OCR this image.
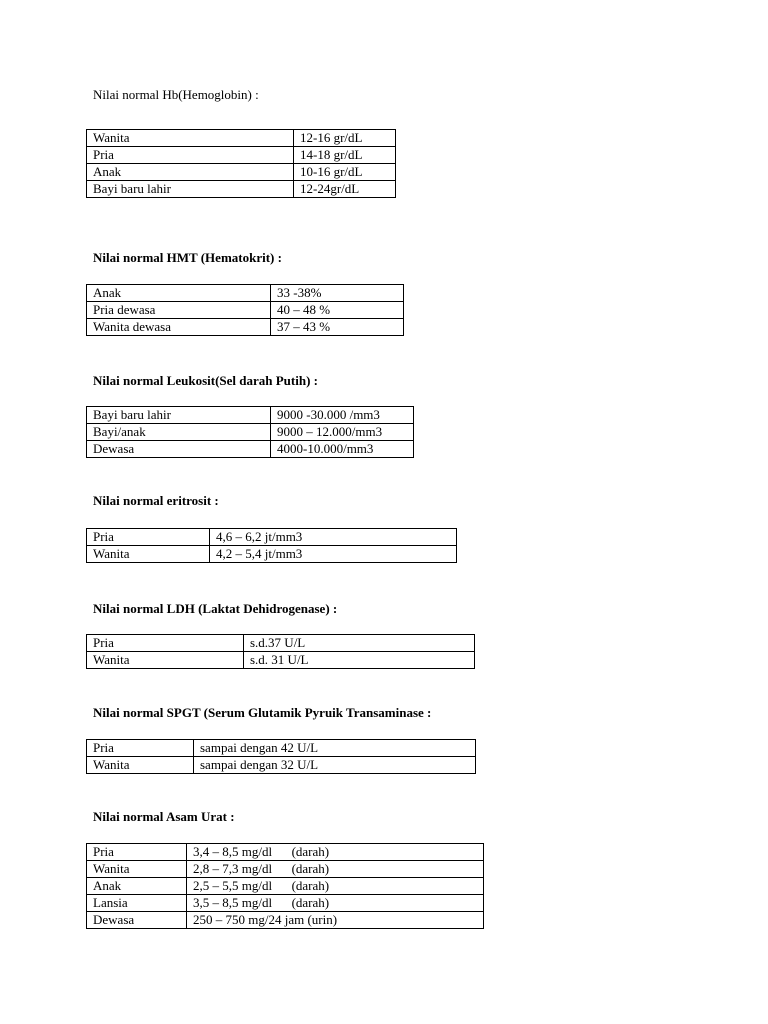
Nilai normal Hb(Hemoglobin) :

Wanita	12-16 gr/dL
Pria	14-18 gr/dL
Anak	10-16 gr/dL
Bayi baru lahir	12-24gr/dL

Nilai normal HMT (Hematokrit) :

Anak	33 -38%
Pria dewasa	40 – 48 %
Wanita dewasa	37 – 43 %

Nilai normal Leukosit(Sel darah Putih) :

Bayi baru lahir	9000 -30.000 /mm3
Bayi/anak	9000 – 12.000/mm3
Dewasa	4000-10.000/mm3

Nilai normal eritrosit :

Pria	4,6 – 6,2 jt/mm3
Wanita	4,2 – 5,4 jt/mm3

Nilai normal LDH (Laktat Dehidrogenase) :

Pria	s.d.37 U/L
Wanita	s.d. 31 U/L

Nilai normal SPGT (Serum Glutamik Pyruik Transaminase :

Pria	sampai dengan 42 U/L
Wanita	sampai dengan 32 U/L

Nilai normal Asam Urat :

Pria	3,4 – 8,5 mg/dl      (darah)
Wanita	2,8 – 7,3 mg/dl      (darah)
Anak	2,5 – 5,5 mg/dl      (darah)
Lansia	3,5 – 8,5 mg/dl      (darah)
Dewasa	250 – 750 mg/24 jam (urin)
